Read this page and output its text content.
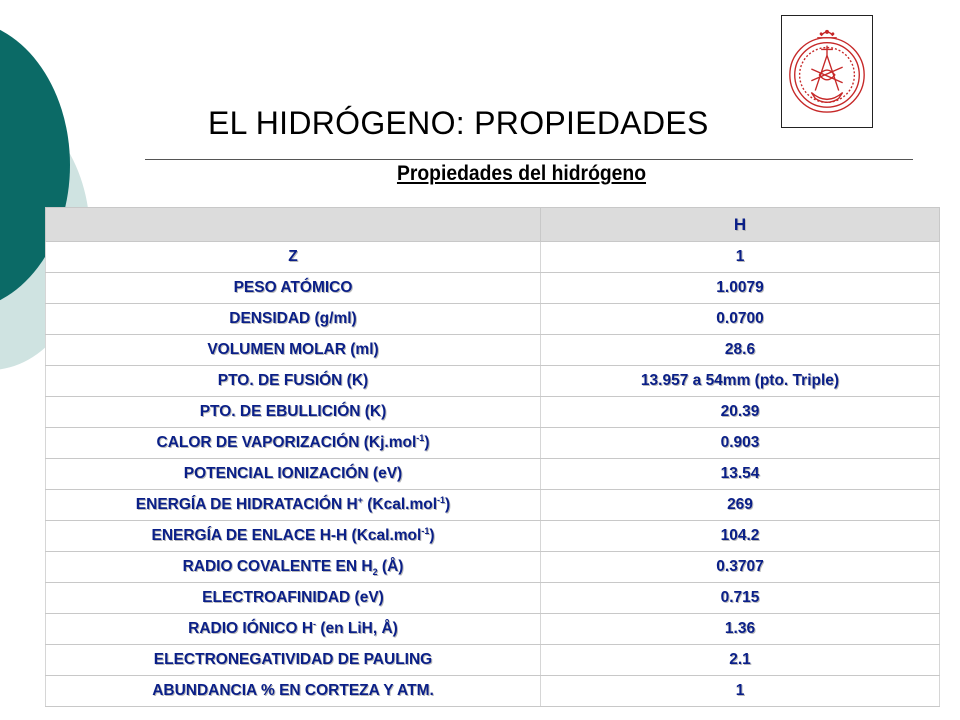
EL HIDRÓGENO: PROPIEDADES
Propiedades del hidrógeno
	H
Z	1
PESO ATÓMICO	1.0079
DENSIDAD (g/ml)	0.0700
VOLUMEN MOLAR (ml)	28.6
PTO. DE FUSIÓN (K)	13.957 a 54mm (pto. Triple)
PTO. DE EBULLICIÓN (K)	20.39
CALOR DE VAPORIZACIÓN (Kj.mol$^{-1}$)	0.903
POTENCIAL IONIZACIÓN (eV)	13.54
ENERGÍA DE HIDRATACIÓN H+ (Kcal.mol$^{-1}$)	269
ENERGÍA DE ENLACE H-H (Kcal.mol$^{-1}$)	104.2
RADIO COVALENTE EN $H_2$ (Å)	0.3707
ELECTROAFINIDAD (eV)	0.715
RADIO IÓNICO H- (en LiH, Å)	1.36
ELECTRONEGATIVIDAD DE PAULING	2.1
ABUNDANCIA % EN CORTEZA Y ATM.	1
